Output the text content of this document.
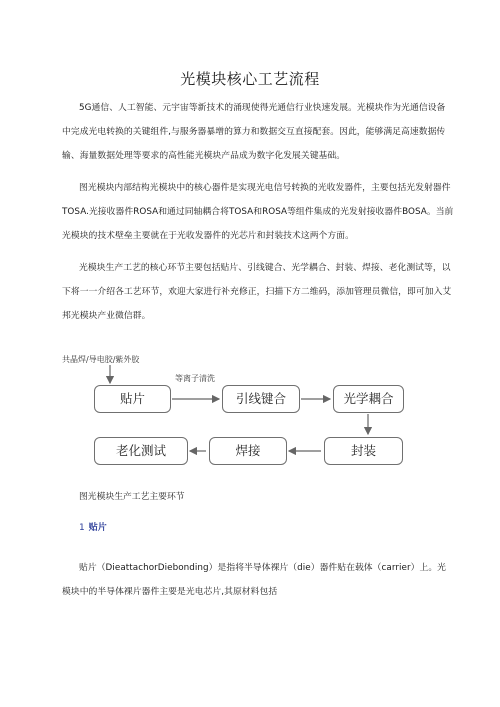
光模块核心工艺流程

5G通信、人工智能、元宇宙等新技术的涌现使得光通信行业快速发展。光模块作为光通信设备中完成光电转换的关键组件,与服务器暴增的算力和数据交互直接配套。因此，能够满足高速数据传输、海量数据处理等要求的高性能光模块产品成为数字化发展关键基础。

图光模块内部结构光模块中的核心器件是实现光电信号转换的光收发器件，主要包括光发射器件TOSA.光接收器件ROSA和通过同轴耦合将TOSA和ROSA等组件集成的光发射接收器件BOSA。当前光模块的技术壁垒主要就在于光收发器件的光芯片和封装技术这两个方面。

光模块生产工艺的核心环节主要包括贴片、引线键合、光学耦合、封装、焊接、老化测试等，以下将一一介绍各工艺环节，欢迎大家进行补充修正，扫描下方二维码，添加管理员微信，即可加入艾邦光模块产业微信群。

共晶焊/导电胶/紫外胶
等离子清洗
贴片	引线键合	光学耦合
老化测试	焊接	封装
图光模块生产工艺主要环节
1 贴片

贴片（DieattachorDiebonding）是指将半导体裸片（die）器件贴在载体（carrier）上。光模块中的半导体裸片器件主要是光电芯片,其原材料包括
